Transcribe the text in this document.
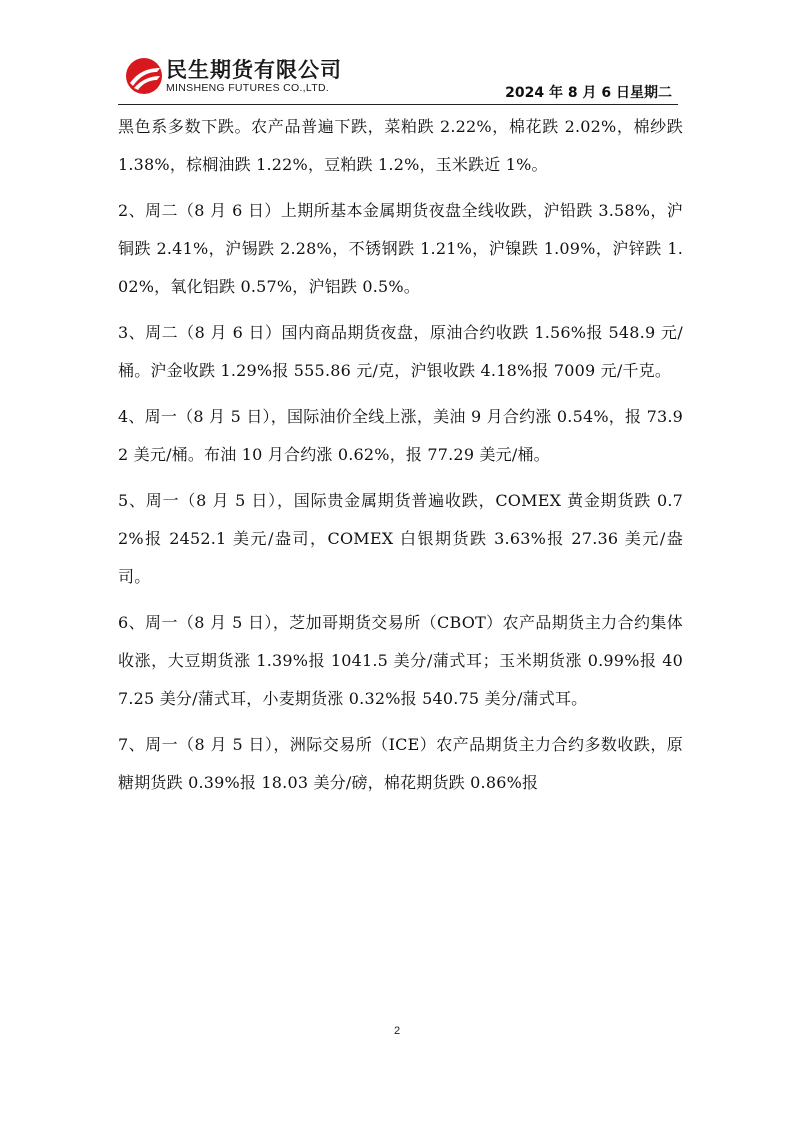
民生期货有限公司
MINSHENG FUTURES CO.,LTD.	2024 年 8 月 6 日星期二

黑色系多数下跌。农产品普遍下跌，菜粕跌 2.22%，棉花跌 2.02%，棉纱跌 1.38%，棕榈油跌 1.22%，豆粕跌 1.2%，玉米跌近 1%。

2、周二（8 月 6 日）上期所基本金属期货夜盘全线收跌，沪铅跌 3.58%，沪铜跌 2.41%，沪锡跌 2.28%，不锈钢跌 1.21%，沪镍跌 1.09%，沪锌跌 1.02%，氧化铝跌 0.57%，沪铝跌 0.5%。

3、周二（8 月 6 日）国内商品期货夜盘，原油合约收跌 1.56%报 548.9 元/桶。沪金收跌 1.29%报 555.86 元/克，沪银收跌 4.18%报 7009 元/千克。

4、周一（8 月 5 日），国际油价全线上涨，美油 9 月合约涨 0.54%，报 73.92 美元/桶。布油 10 月合约涨 0.62%，报 77.29 美元/桶。

5、周一（8 月 5 日），国际贵金属期货普遍收跌，COMEX 黄金期货跌 0.72%报 2452.1 美元/盎司，COMEX 白银期货跌 3.63%报 27.36 美元/盎司。

6、周一（8 月 5 日），芝加哥期货交易所（CBOT）农产品期货主力合约集体收涨，大豆期货涨 1.39%报 1041.5 美分/蒲式耳；玉米期货涨 0.99%报 407.25 美分/蒲式耳，小麦期货涨 0.32%报 540.75 美分/蒲式耳。

7、周一（8 月 5 日），洲际交易所（ICE）农产品期货主力合约多数收跌，原糖期货跌 0.39%报 18.03 美分/磅，棉花期货跌 0.86%报

2
